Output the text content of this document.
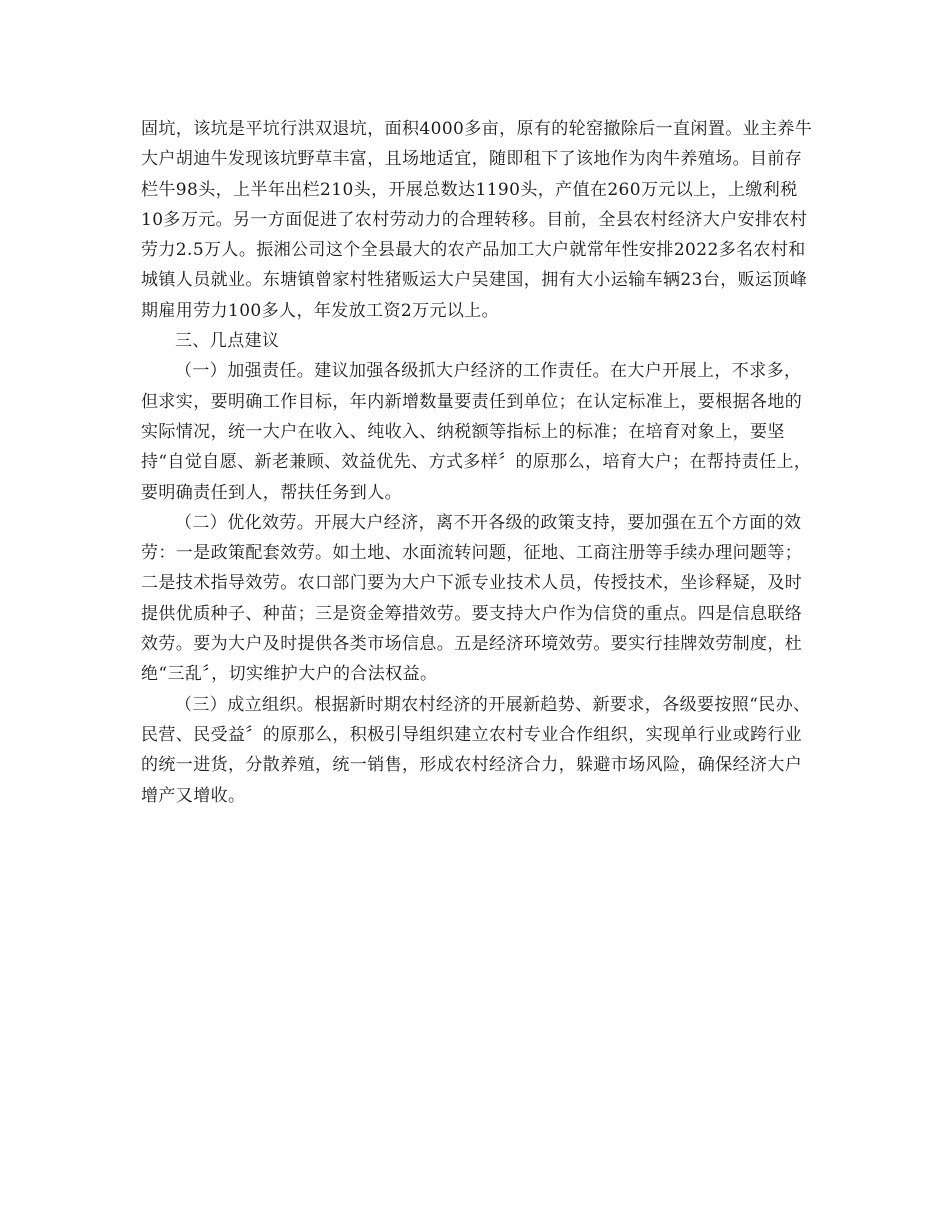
固坑，该坑是平坑行洪双退坑，面积4000多亩，原有的轮窑撤除后一直闲置。业主养牛大户胡迪牛发现该坑野草丰富，且场地适宜，随即租下了该地作为肉牛养殖场。目前存栏牛98头，上半年出栏210头，开展总数达1190头，产值在260万元以上，上缴利税10多万元。另一方面促进了农村劳动力的合理转移。目前，全县农村经济大户安排农村劳力2.5万人。振湘公司这个全县最大的农产品加工大户就常年性安排2022多名农村和城镇人员就业。东塘镇曾家村牲猪贩运大户吴建国，拥有大小运输车辆23台，贩运顶峰期雇用劳力100多人，年发放工资2万元以上。

三、几点建议

（一）加强责任。建议加强各级抓大户经济的工作责任。在大户开展上，不求多，但求实，要明确工作目标，年内新增数量要责任到单位；在认定标准上，要根据各地的实际情况，统一大户在收入、纯收入、纳税额等指标上的标准；在培育对象上，要坚持“自觉自愿、新老兼顾、效益优先、方式多样〞的原那么，培育大户；在帮持责任上，要明确责任到人，帮扶任务到人。

（二）优化效劳。开展大户经济，离不开各级的政策支持，要加强在五个方面的效劳：一是政策配套效劳。如土地、水面流转问题，征地、工商注册等手续办理问题等；二是技术指导效劳。农口部门要为大户下派专业技术人员，传授技术，坐诊释疑，及时提供优质种子、种苗；三是资金筹措效劳。要支持大户作为信贷的重点。四是信息联络效劳。要为大户及时提供各类市场信息。五是经济环境效劳。要实行挂牌效劳制度，杜绝“三乱〞，切实维护大户的合法权益。

（三）成立组织。根据新时期农村经济的开展新趋势、新要求，各级要按照“民办、民营、民受益〞的原那么，积极引导组织建立农村专业合作组织，实现单行业或跨行业的统一进货，分散养殖，统一销售，形成农村经济合力，躲避市场风险，确保经济大户增产又增收。
